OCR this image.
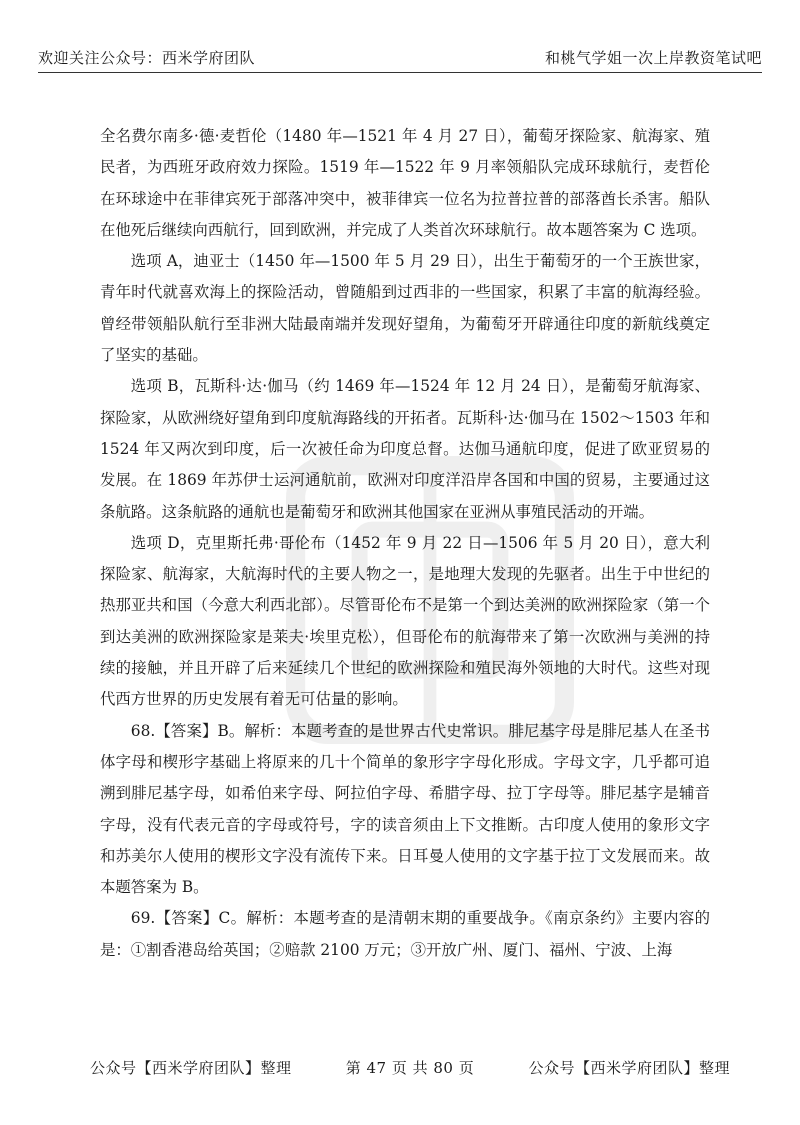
欢迎关注公众号：西米学府团队	和桃气学姐一次上岸教资笔试吧

全名费尔南多·德·麦哲伦（1480 年—1521 年 4 月 27 日），葡萄牙探险家、航海家、殖民者，为西班牙政府效力探险。1519 年—1522 年 9 月率领船队完成环球航行，麦哲伦在环球途中在菲律宾死于部落冲突中，被菲律宾一位名为拉普拉普的部落酋长杀害。船队在他死后继续向西航行，回到欧洲，并完成了人类首次环球航行。故本题答案为 C 选项。

选项 A，迪亚士（1450 年—1500 年 5 月 29 日），出生于葡萄牙的一个王族世家，青年时代就喜欢海上的探险活动，曾随船到过西非的一些国家，积累了丰富的航海经验。曾经带领船队航行至非洲大陆最南端并发现好望角，为葡萄牙开辟通往印度的新航线奠定了坚实的基础。

选项 B，瓦斯科·达·伽马（约 1469 年—1524 年 12 月 24 日），是葡萄牙航海家、探险家，从欧洲绕好望角到印度航海路线的开拓者。瓦斯科·达·伽马在 1502～1503 年和 1524 年又两次到印度，后一次被任命为印度总督。达伽马通航印度，促进了欧亚贸易的发展。在 1869 年苏伊士运河通航前，欧洲对印度洋沿岸各国和中国的贸易，主要通过这条航路。这条航路的通航也是葡萄牙和欧洲其他国家在亚洲从事殖民活动的开端。

选项 D，克里斯托弗·哥伦布（1452 年 9 月 22 日—1506 年 5 月 20 日），意大利探险家、航海家，大航海时代的主要人物之一，是地理大发现的先驱者。出生于中世纪的热那亚共和国（今意大利西北部）。尽管哥伦布不是第一个到达美洲的欧洲探险家（第一个到达美洲的欧洲探险家是莱夫·埃里克松），但哥伦布的航海带来了第一次欧洲与美洲的持续的接触，并且开辟了后来延续几个世纪的欧洲探险和殖民海外领地的大时代。这些对现代西方世界的历史发展有着无可估量的影响。

68.【答案】B。解析：本题考查的是世界古代史常识。腓尼基字母是腓尼基人在圣书体字母和楔形字基础上将原来的几十个简单的象形字字母化形成。字母文字，几乎都可追溯到腓尼基字母，如希伯来字母、阿拉伯字母、希腊字母、拉丁字母等。腓尼基字是辅音字母，没有代表元音的字母或符号，字的读音须由上下文推断。古印度人使用的象形文字和苏美尔人使用的楔形文字没有流传下来。日耳曼人使用的文字基于拉丁文发展而来。故本题答案为 B。

69.【答案】C。解析：本题考查的是清朝末期的重要战争。《南京条约》主要内容的是：①割香港岛给英国；②赔款 2100 万元；③开放广州、厦门、福州、宁波、上海

公众号【西米学府团队】整理	第 47 页 共 80 页	公众号【西米学府团队】整理
